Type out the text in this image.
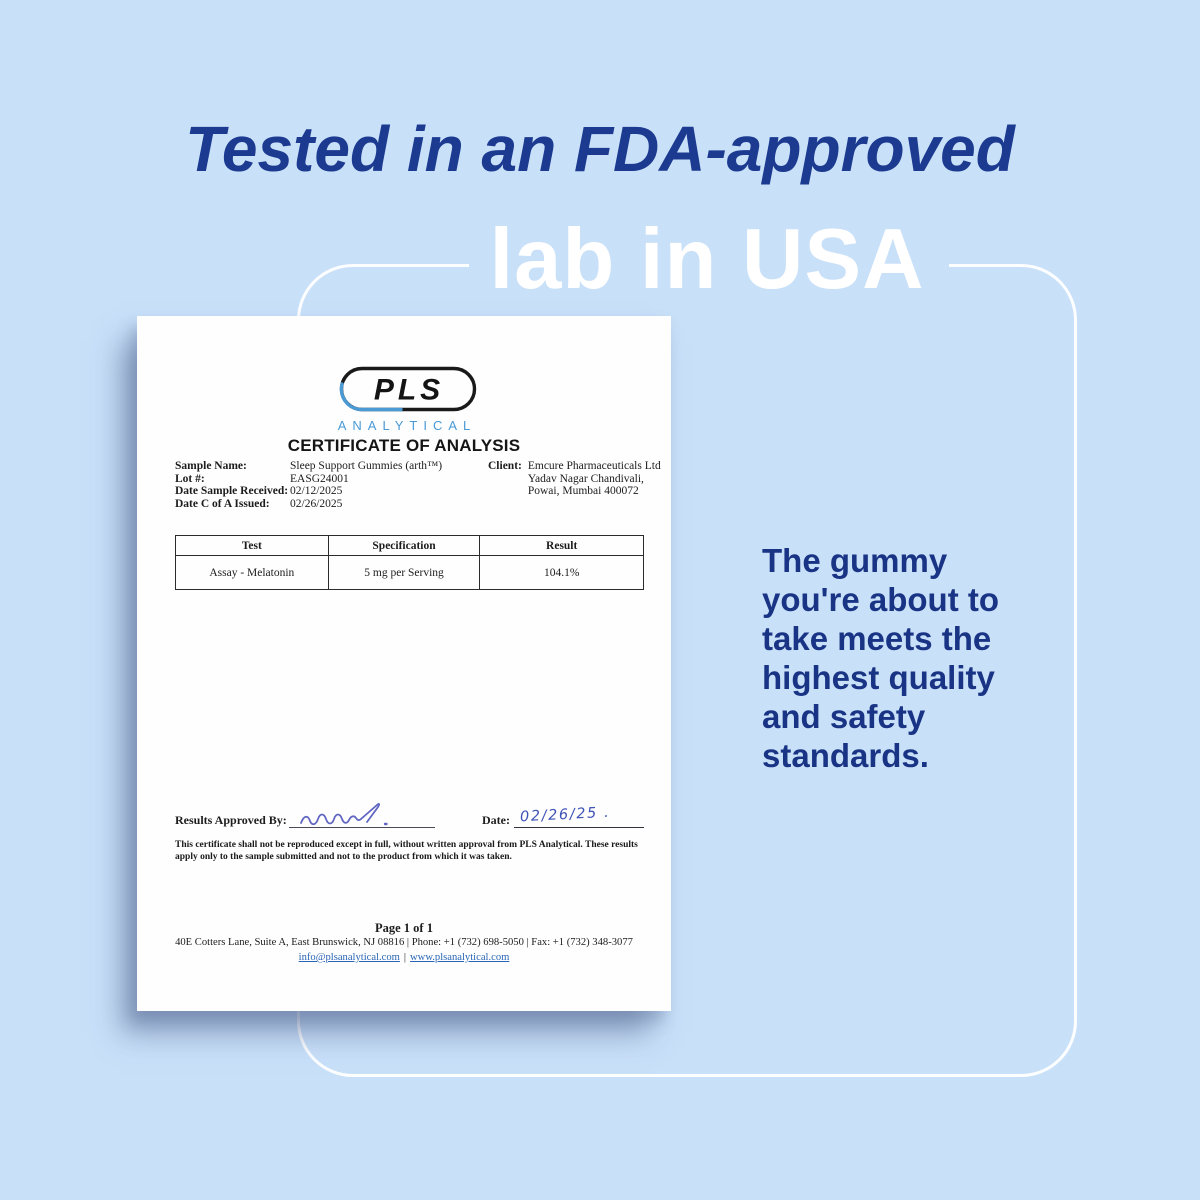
Tested in an FDA-approved
lab in USA
The gummy
you're about to
take meets the
highest quality
and safety
standards.
PLS
ANALYTICAL
CERTIFICATE OF ANALYSIS
Sample Name:	Sleep Support Gummies (arth™)
Lot #:	EASG24001
Date Sample Received: 02/12/2025
Date C of A Issued:	02/26/2025
Client: Emcure Pharmaceuticals Ltd
Yadav Nagar Chandivali,
Powai, Mumbai 400072
Test	Specification	Result
Assay - Melatonin	5 mg per Serving	104.1%
Results Approved By:	Date: 02/26/25 .
This certificate shall not be reproduced except in full, without written approval from PLS Analytical. These results apply only to the sample submitted and not to the product from which it was taken.
Page 1 of 1
40E Cotters Lane, Suite A, East Brunswick, NJ 08816 | Phone: +1 (732) 698-5050 | Fax: +1 (732) 348-3077
info@plsanalytical.com | www.plsanalytical.com
